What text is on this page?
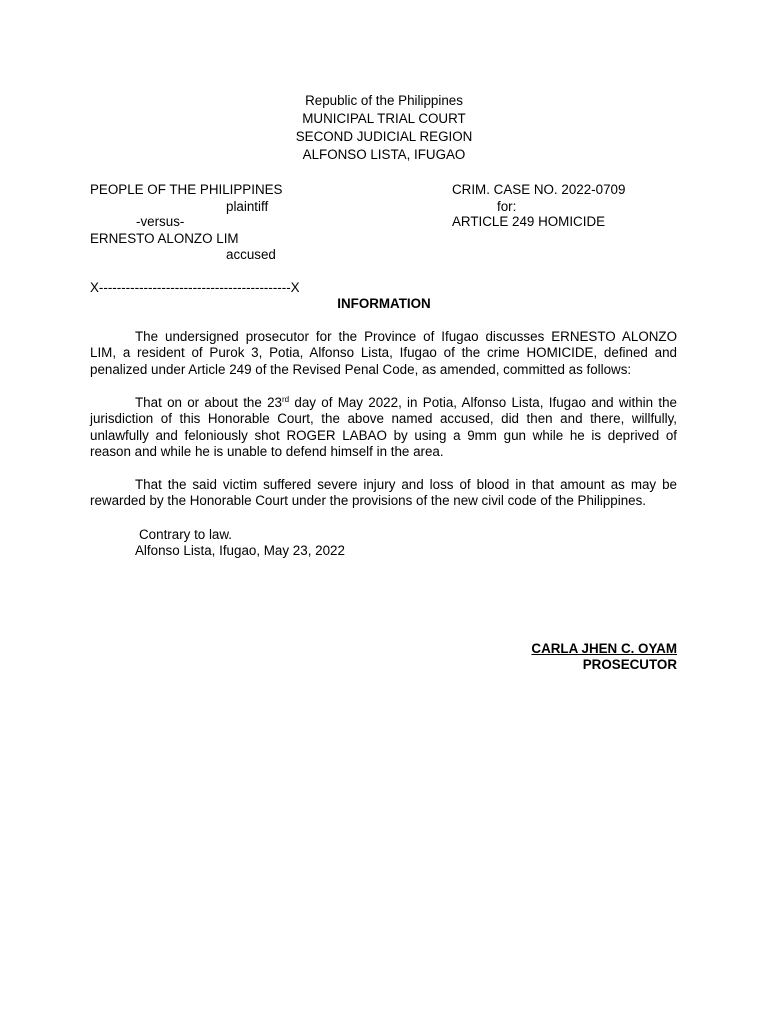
Republic of the Philippines
MUNICIPAL TRIAL COURT
SECOND JUDICIAL REGION
ALFONSO LISTA, IFUGAO
PEOPLE OF THE PHILIPPINES
plaintiff
-versus-
ERNESTO ALONZO LIM
accused
CRIM. CASE NO. 2022-0709
for:
ARTICLE 249 HOMICIDE
X-------------------------------------------X
INFORMATION
The undersigned prosecutor for the Province of Ifugao discusses ERNESTO ALONZO
LIM, a resident of Purok 3, Potia, Alfonso Lista, Ifugao of the crime HOMICIDE, defined and
penalized under Article 249 of the Revised Penal Code, as amended, committed as follows:
That on or about the 23rd day of May 2022, in Potia, Alfonso Lista, Ifugao and within the
jurisdiction of this Honorable Court, the above named accused, did then and there, willfully,
unlawfully and feloniously shot ROGER LABAO by using a 9mm gun while he is deprived of
reason and while he is unable to defend himself in the area.
That the said victim suffered severe injury and loss of blood in that amount as may be
rewarded by the Honorable Court under the provisions of the new civil code of the Philippines.
Contrary to law.
Alfonso Lista, Ifugao, May 23, 2022
CARLA JHEN C. OYAM
PROSECUTOR
